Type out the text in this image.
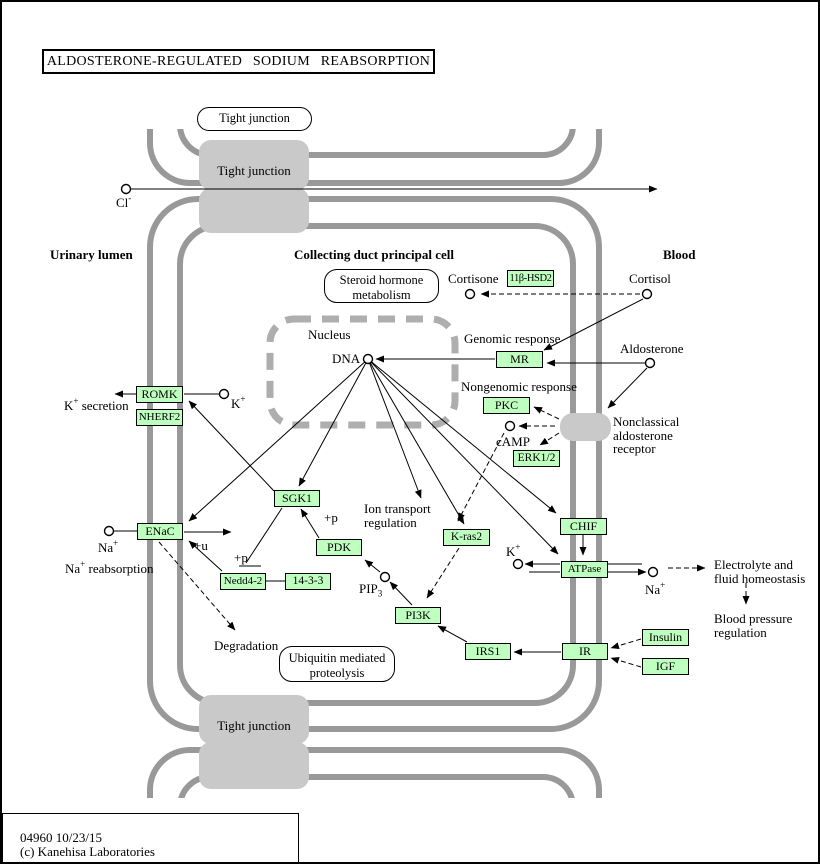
ALDOSTERONE-REGULATED SODIUM REABSORPTION
Urinary lumen	Collecting duct principal cell	Blood
Tight junction
Tight junction
Tight junction
Steroid hormone
metabolism
Ubiquitin mediated
proteolysis
11β-HSD2
MR
PKC
ERK1/2
ROMK
NHERF2
ENaC
SGK1
PDK
Nedd4-2	14-3-3
K-ras2
CHIF
ATPase
PI3K
IRS1	IR
Insulin
IGF
Cl-
Nucleus
DNA
Cortisone	Cortisol
Aldosterone
Genomic response
Nongenomic response
cAMP
Nonclassical
aldosterone
receptor
K+
K+ secretion
Na+
Na+ reabsorption
+u
+p
+p
Ion transport
regulation
$PIP_3$
Degradation
K+
Na+
Electrolyte and
fluid homeostasis
Blood pressure
regulation
04960 10/23/15
(c) Kanehisa Laboratories
